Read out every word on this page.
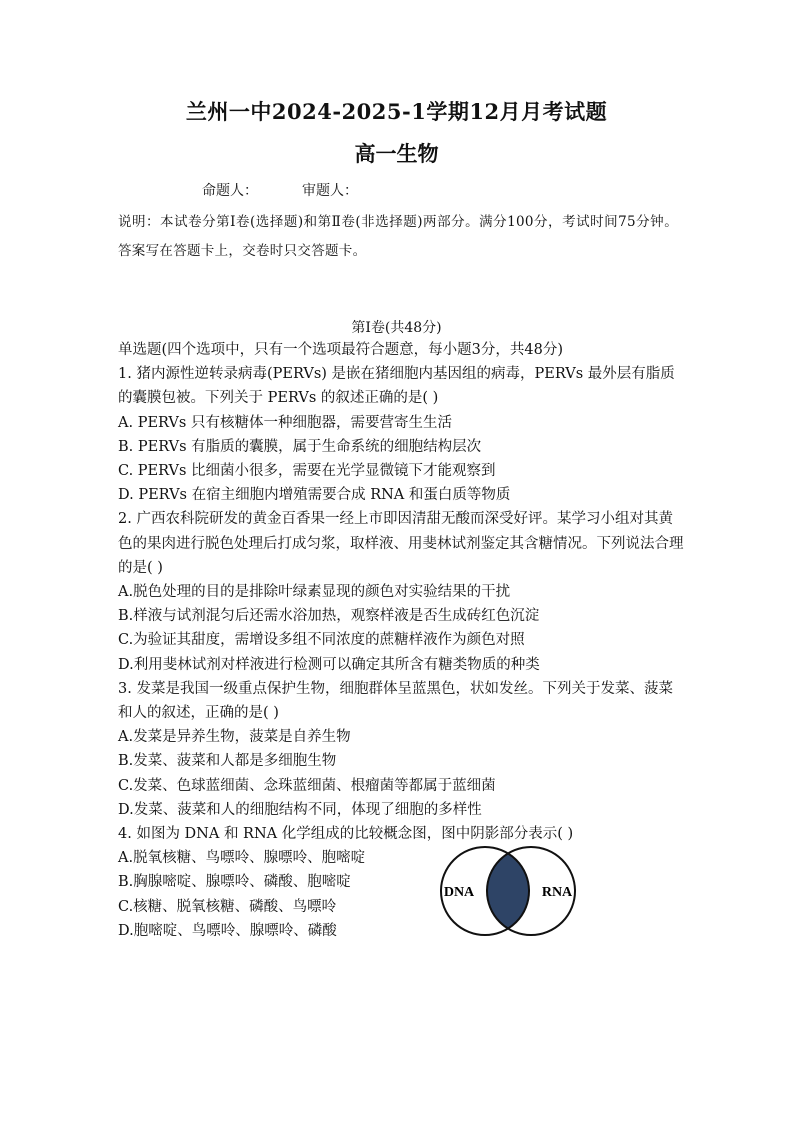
兰州一中2024-2025-1学期12月月考试题
高一生物
命题人：	审题人：
说明：本试卷分第Ⅰ卷(选择题)和第Ⅱ卷(非选择题)两部分。满分100分，考试时间75分钟。答案写在答题卡上，交卷时只交答题卡。
第Ⅰ卷(共48分)

单选题(四个选项中，只有一个选项最符合题意，每小题3分，共48分)

1. 猪内源性逆转录病毒(PERVs) 是嵌在猪细胞内基因组的病毒，PERVs 最外层有脂质的囊膜包被。下列关于 PERVs 的叙述正确的是( )

A. PERVs 只有核糖体一种细胞器，需要营寄生生活

B. PERVs 有脂质的囊膜，属于生命系统的细胞结构层次

C. PERVs 比细菌小很多，需要在光学显微镜下才能观察到

D. PERVs 在宿主细胞内增殖需要合成 RNA 和蛋白质等物质

2. 广西农科院研发的黄金百香果一经上市即因清甜无酸而深受好评。某学习小组对其黄色的果肉进行脱色处理后打成匀浆，取样液、用斐林试剂鉴定其含糖情况。下列说法合理的是( )

A.脱色处理的目的是排除叶绿素显现的颜色对实验结果的干扰

B.样液与试剂混匀后还需水浴加热，观察样液是否生成砖红色沉淀

C.为验证其甜度，需增设多组不同浓度的蔗糖样液作为颜色对照

D.利用斐林试剂对样液进行检测可以确定其所含有糖类物质的种类

3. 发菜是我国一级重点保护生物，细胞群体呈蓝黑色，状如发丝。下列关于发菜、菠菜和人的叙述，正确的是( )

A.发菜是异养生物，菠菜是自养生物

B.发菜、菠菜和人都是多细胞生物

C.发菜、色球蓝细菌、念珠蓝细菌、根瘤菌等都属于蓝细菌

D.发菜、菠菜和人的细胞结构不同，体现了细胞的多样性

4. 如图为 DNA 和 RNA 化学组成的比较概念图，图中阴影部分表示( )

A.脱氧核糖、鸟嘌呤、腺嘌呤、胞嘧啶

B.胸腺嘧啶、腺嘌呤、磷酸、胞嘧啶

C.核糖、脱氧核糖、磷酸、鸟嘌呤

D.胞嘧啶、鸟嘌呤、腺嘌呤、磷酸

DNA	RNA
